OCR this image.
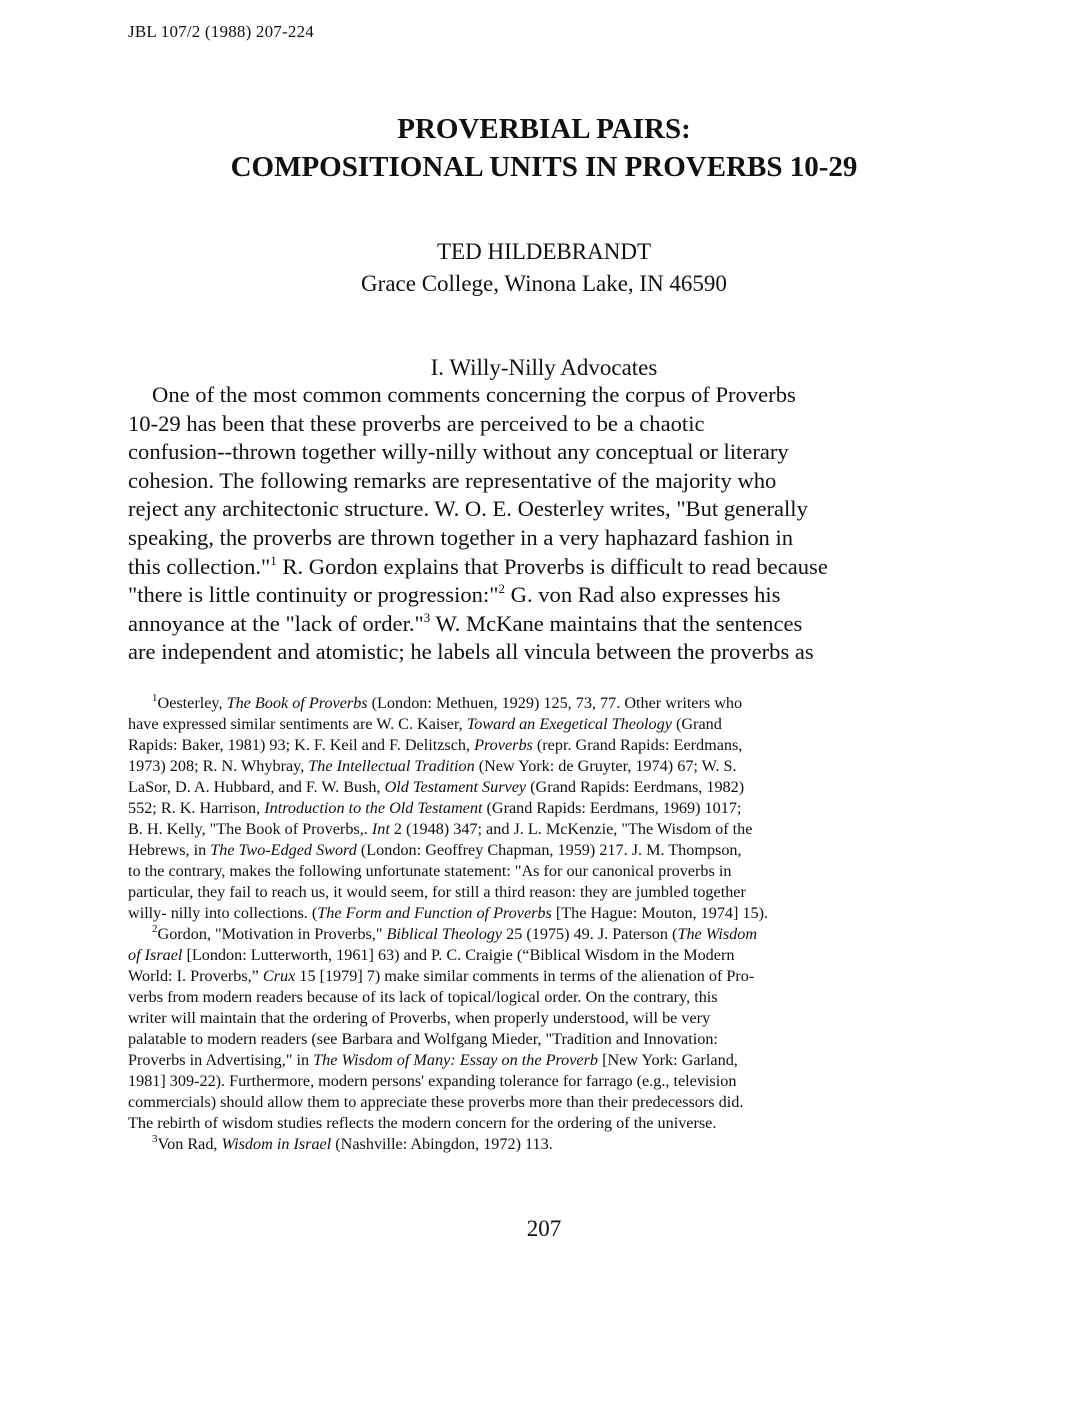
JBL 107/2 (1988) 207-224
PROVERBIAL PAIRS:
COMPOSITIONAL UNITS IN PROVERBS 10-29
TED HILDEBRANDT
Grace College, Winona Lake, IN 46590
I. Willy-Nilly Advocates
One of the most common comments concerning the corpus of Proverbs
10-29 has been that these proverbs are perceived to be a chaotic
confusion--thrown together willy-nilly without any conceptual or literary
cohesion. The following remarks are representative of the majority who
reject any architectonic structure. W. O. E. Oesterley writes, "But generally
speaking, the proverbs are thrown together in a very haphazard fashion in
this collection."$^1$ R. Gordon explains that Proverbs is difficult to read because
"there is little continuity or progression:"$^2$ G. von Rad also expresses his
annoyance at the "lack of order."$^3$ W. McKane maintains that the sentences
are independent and atomistic; he labels all vincula between the proverbs as
$^1$Oesterley, The Book of Proverbs (London: Methuen, 1929) 125, 73, 77. Other writers who
have expressed similar sentiments are W. C. Kaiser, Toward an Exegetical Theology (Grand
Rapids: Baker, 1981) 93; K. F. Keil and F. Delitzsch, Proverbs (repr. Grand Rapids: Eerdmans,
1973) 208; R. N. Whybray, The Intellectual Tradition (New York: de Gruyter, 1974) 67; W. S.
LaSor, D. A. Hubbard, and F. W. Bush, Old Testament Survey (Grand Rapids: Eerdmans, 1982)
552; R. K. Harrison, Introduction to the Old Testament (Grand Rapids: Eerdmans, 1969) 1017;
B. H. Kelly, "The Book of Proverbs,. Int 2 (1948) 347; and J. L. McKenzie, "The Wisdom of the
Hebrews, in The Two-Edged Sword (London: Geoffrey Chapman, 1959) 217. J. M. Thompson,
to the contrary, makes the following unfortunate statement: "As for our canonical proverbs in
particular, they fail to reach us, it would seem, for still a third reason: they are jumbled together
willy- nilly into collections. (The Form and Function of Proverbs [The Hague: Mouton, 1974] 15).
$^2$Gordon, "Motivation in Proverbs," Biblical Theology 25 (1975) 49. J. Paterson (The Wisdom
of Israel [London: Lutterworth, 1961] 63) and P. C. Craigie (“Biblical Wisdom in the Modern
World: I. Proverbs,” Crux 15 [1979] 7) make similar comments in terms of the alienation of Pro-
verbs from modern readers because of its lack of topical/logical order. On the contrary, this
writer will maintain that the ordering of Proverbs, when properly understood, will be very
palatable to modern readers (see Barbara and Wolfgang Mieder, "Tradition and Innovation:
Proverbs in Advertising," in The Wisdom of Many: Essay on the Proverb [New York: Garland,
1981] 309-22). Furthermore, modern persons' expanding tolerance for farrago (e.g., television
commercials) should allow them to appreciate these proverbs more than their predecessors did.
The rebirth of wisdom studies reflects the modern concern for the ordering of the universe.
$^3$Von Rad, Wisdom in Israel (Nashville: Abingdon, 1972) 113.
207
